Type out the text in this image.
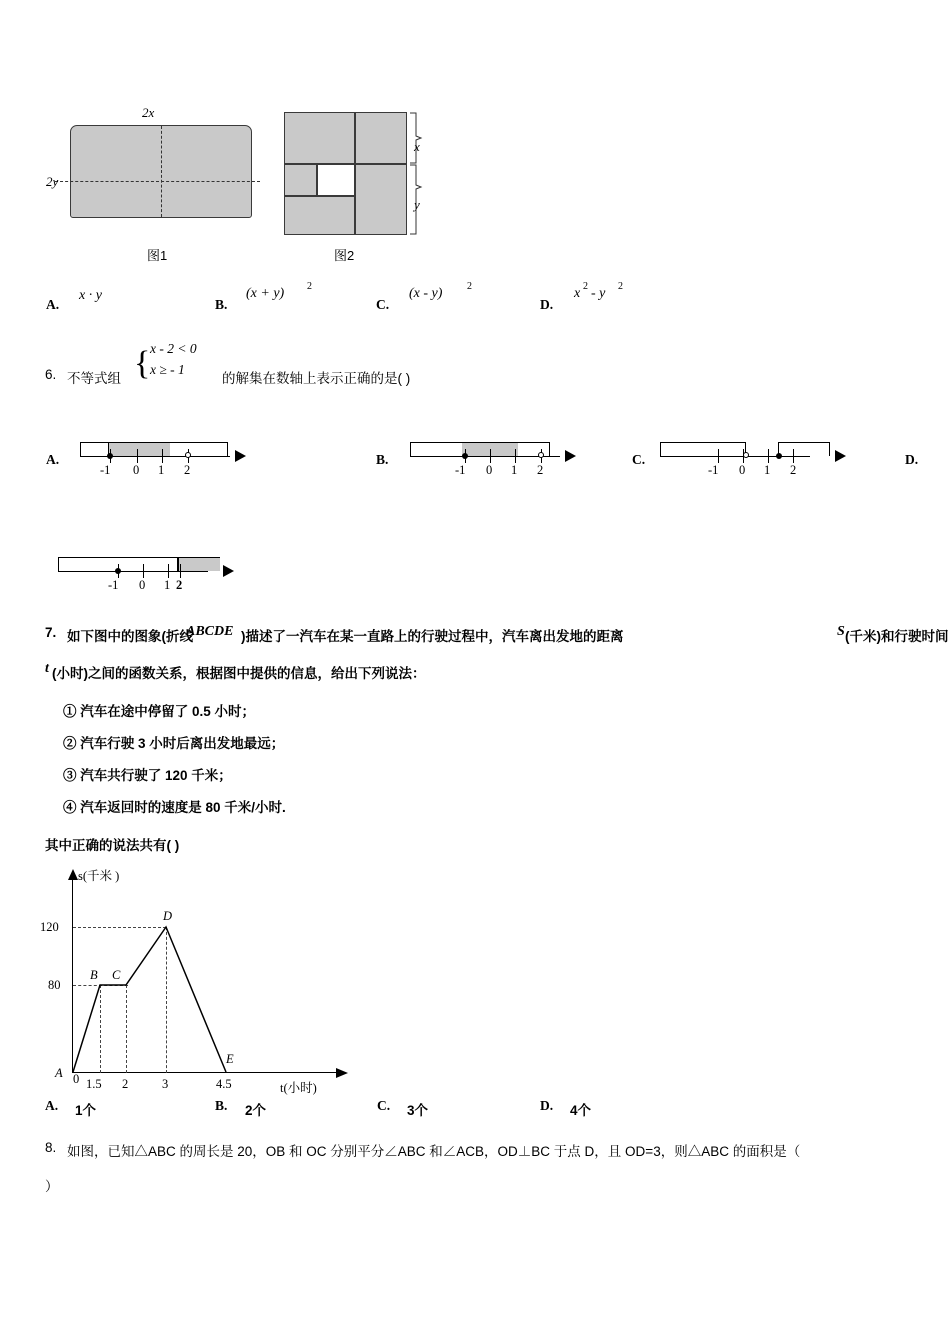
2x
2y
图1
x
y
图2
A.
x · y
B.
(x + y) 2
C.
(x - y) 2
D.
x 2 - y 2
6. 不等式组 { x - 2 < 0
x ≥ - 1
的解集在数轴上表示正确的是( )
A.
-1 0 1 2
B.
-1 0 1 2
C.
-1 0 1 2
D.
-1 0 1 2
7. 如下图中的图象(折线
ABCDE )描述了一汽车在某一直路上的行驶过程中，汽车离出发地的距离	S (千米)和行驶时间
t (小时)之间的函数关系，根据图中提供的信息，给出下列说法：
① 汽车在途中停留了 0.5 小时；
② 汽车行驶 3 小时后离出发地最远；
③ 汽车共行驶了 120 千米；
④ 汽车返回时的速度是 80 千米/小时.
其中正确的说法共有( )
s(千米 )
t(小时)
120
80
1.5 2	3	4.5
A 0
B C
D
E
A. 1个	B. 2个	C. 3个	D. 4个
8. 如图，已知△ABC 的周长是 20，OB 和 OC 分别平分∠ABC 和∠ACB，OD⊥BC 于点 D，且 OD=3，则△ABC 的面积是（
）
